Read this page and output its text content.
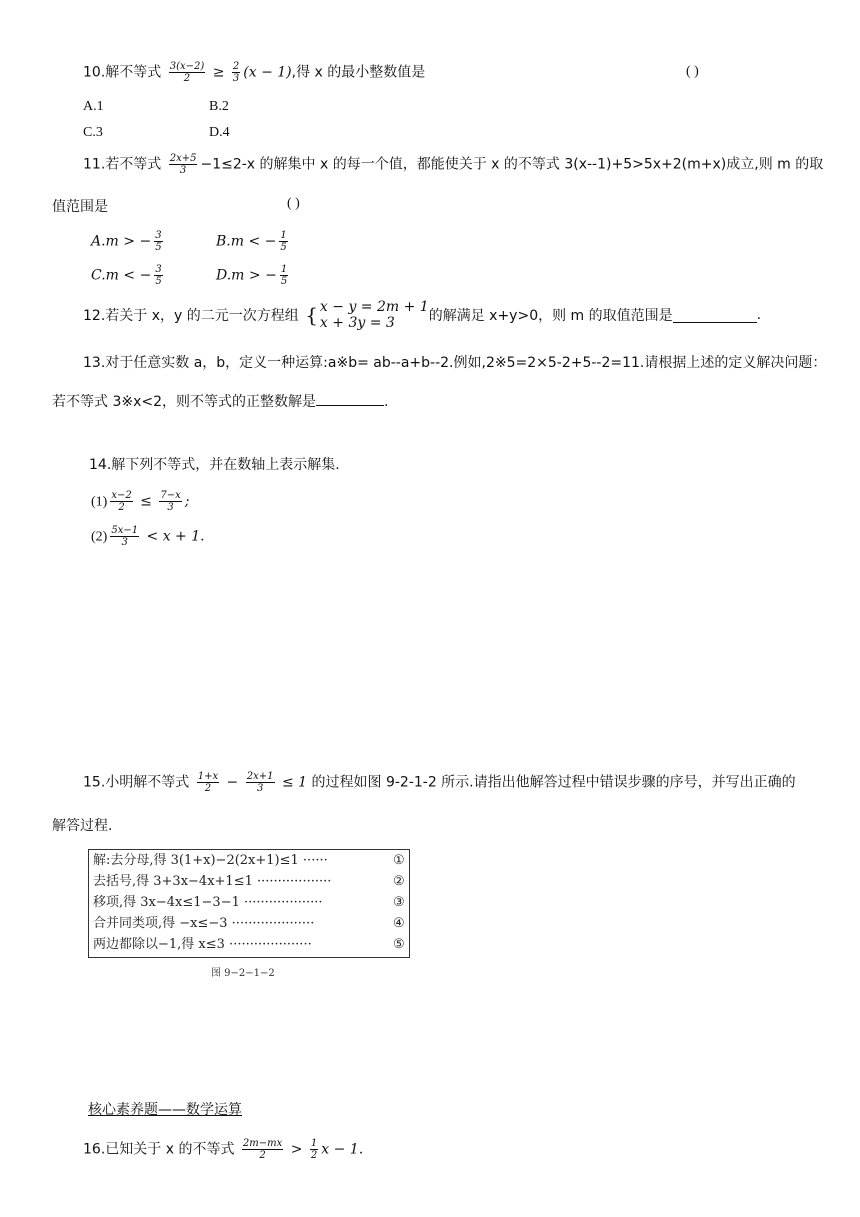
10.解不等式 $\frac{3(x-2)}{2} \ge \frac{2}{3} (x - 1)$,得 x 的最小整数值是	( )
A.1	B.2
C.3	D.4
11.若不等式 $\frac{2x+5}{3} -1\le 2-x$ 的解集中 x 的每一个值，都能使关于 x 的不等式 3(x--1)+5>5x+2(m+x)成立,则 m 的取
值范围是	( )
A.m > − $\frac{3}{5}$	B.m < − $\frac{1}{5}$
C.m < − $\frac{3}{5}$	D.m > − $\frac{1}{5}$
12.若关于 x，y 的二元一次方程组 { x − y = 2m + 1
x + 3y = 3	的解满足 x+y>0，则 m 的取值范围是	.
13.对于任意实数 a，b，定义一种运算:a※b= ab--a+b--2.例如,2※5=2×5-2+5--2=11.请根据上述的定义解决问题：
若不等式 3※x<2，则不等式的正整数解是	.
14.解下列不等式，并在数轴上表示解集.
$(1) \frac{x-2}{2} \le \frac{7-x}{3}$ ;
$(2) \frac{5x-1}{3} < x + 1$.
15.小明解不等式 $\frac{1+x}{2} - \frac{2x+1}{3} \le 1$ 的过程如图 9-2-1-2 所示.请指出他解答过程中错误步骤的序号，并写出正确的
解答过程.
解:去分母,得 3(1+x)−2(2x+1)≤1 ······	①
去括号,得 3+3x−4x+1≤1 ··················	②
移项,得 3x−4x≤1−3−1 ···················	③
合并同类项,得 −x≤−3 ····················	④
两边都除以−1,得 x≤3 ····················	⑤
图 9−2−1−2
核心素养题——数学运算
16.已知关于 x 的不等式 $\frac{2m-mx}{2} > \frac{1}{2}$ x − 1.
